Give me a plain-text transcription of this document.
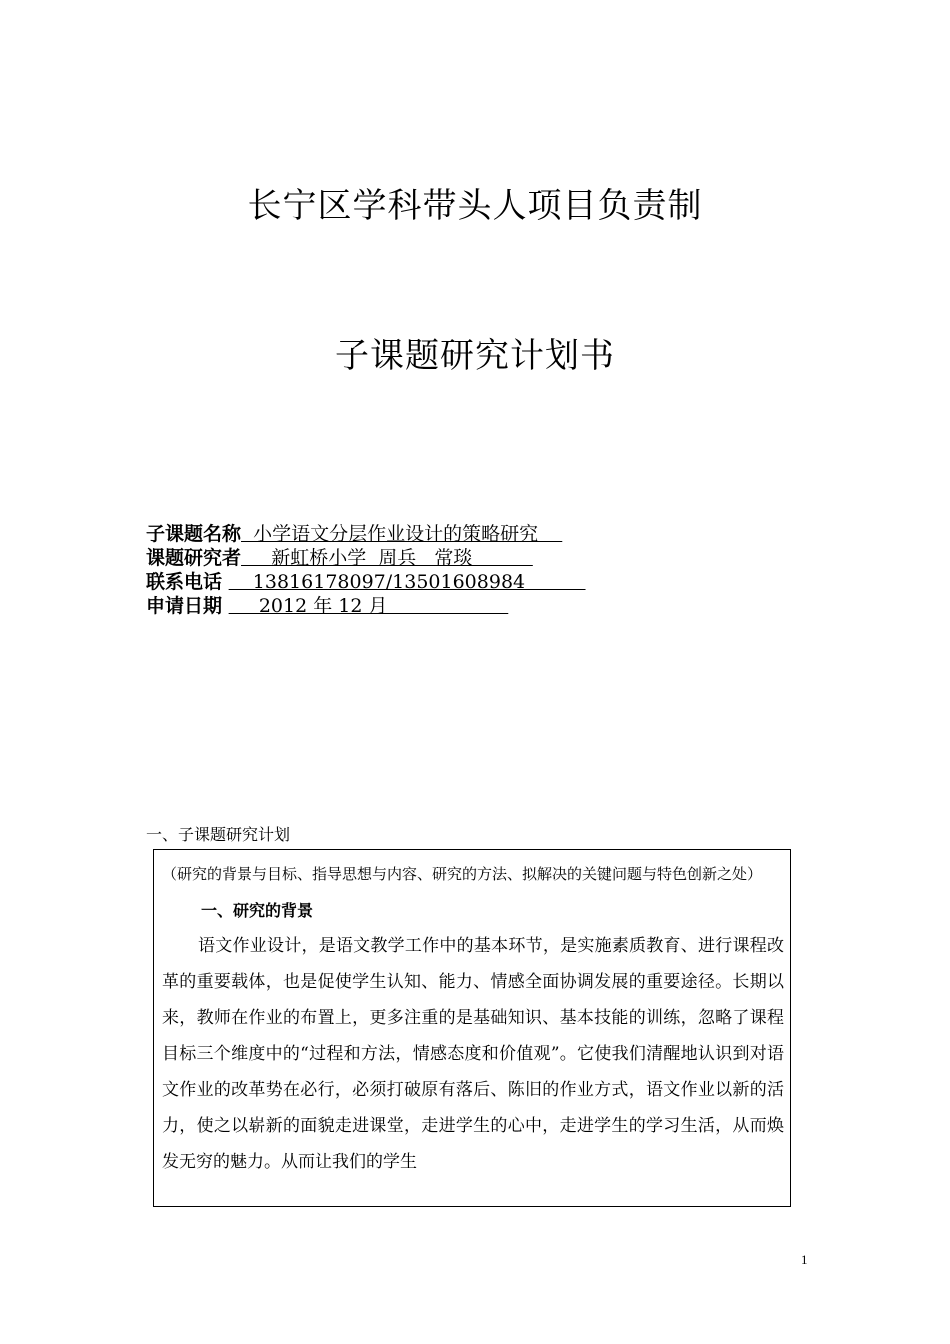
长宁区学科带头人项目负责制
子课题研究计划书
子课题名称  小学语文分层作业设计的策略研究
课题研究者     新虹桥小学  周兵   常琰
联系电话     13816178097/13501608984
申请日期      2012 年 12 月
一、子课题研究计划
（研究的背景与目标、指导思想与内容、研究的方法、拟解决的关键问题与特色创新之处）
一、研究的背景
语文作业设计，是语文教学工作中的基本环节，是实施素质教育、进行课程改革的重要载体，也是促使学生认知、能力、情感全面协调发展的重要途径。长期以来，教师在作业的布置上，更多注重的是基础知识、基本技能的训练，忽略了课程目标三个维度中的“过程和方法，情感态度和价值观”。它使我们清醒地认识到对语文作业的改革势在必行，必须打破原有落后、陈旧的作业方式，语文作业以新的活力，使之以崭新的面貌走进课堂，走进学生的心中，走进学生的学习生活，从而焕发无穷的魅力。从而让我们的学生
1
